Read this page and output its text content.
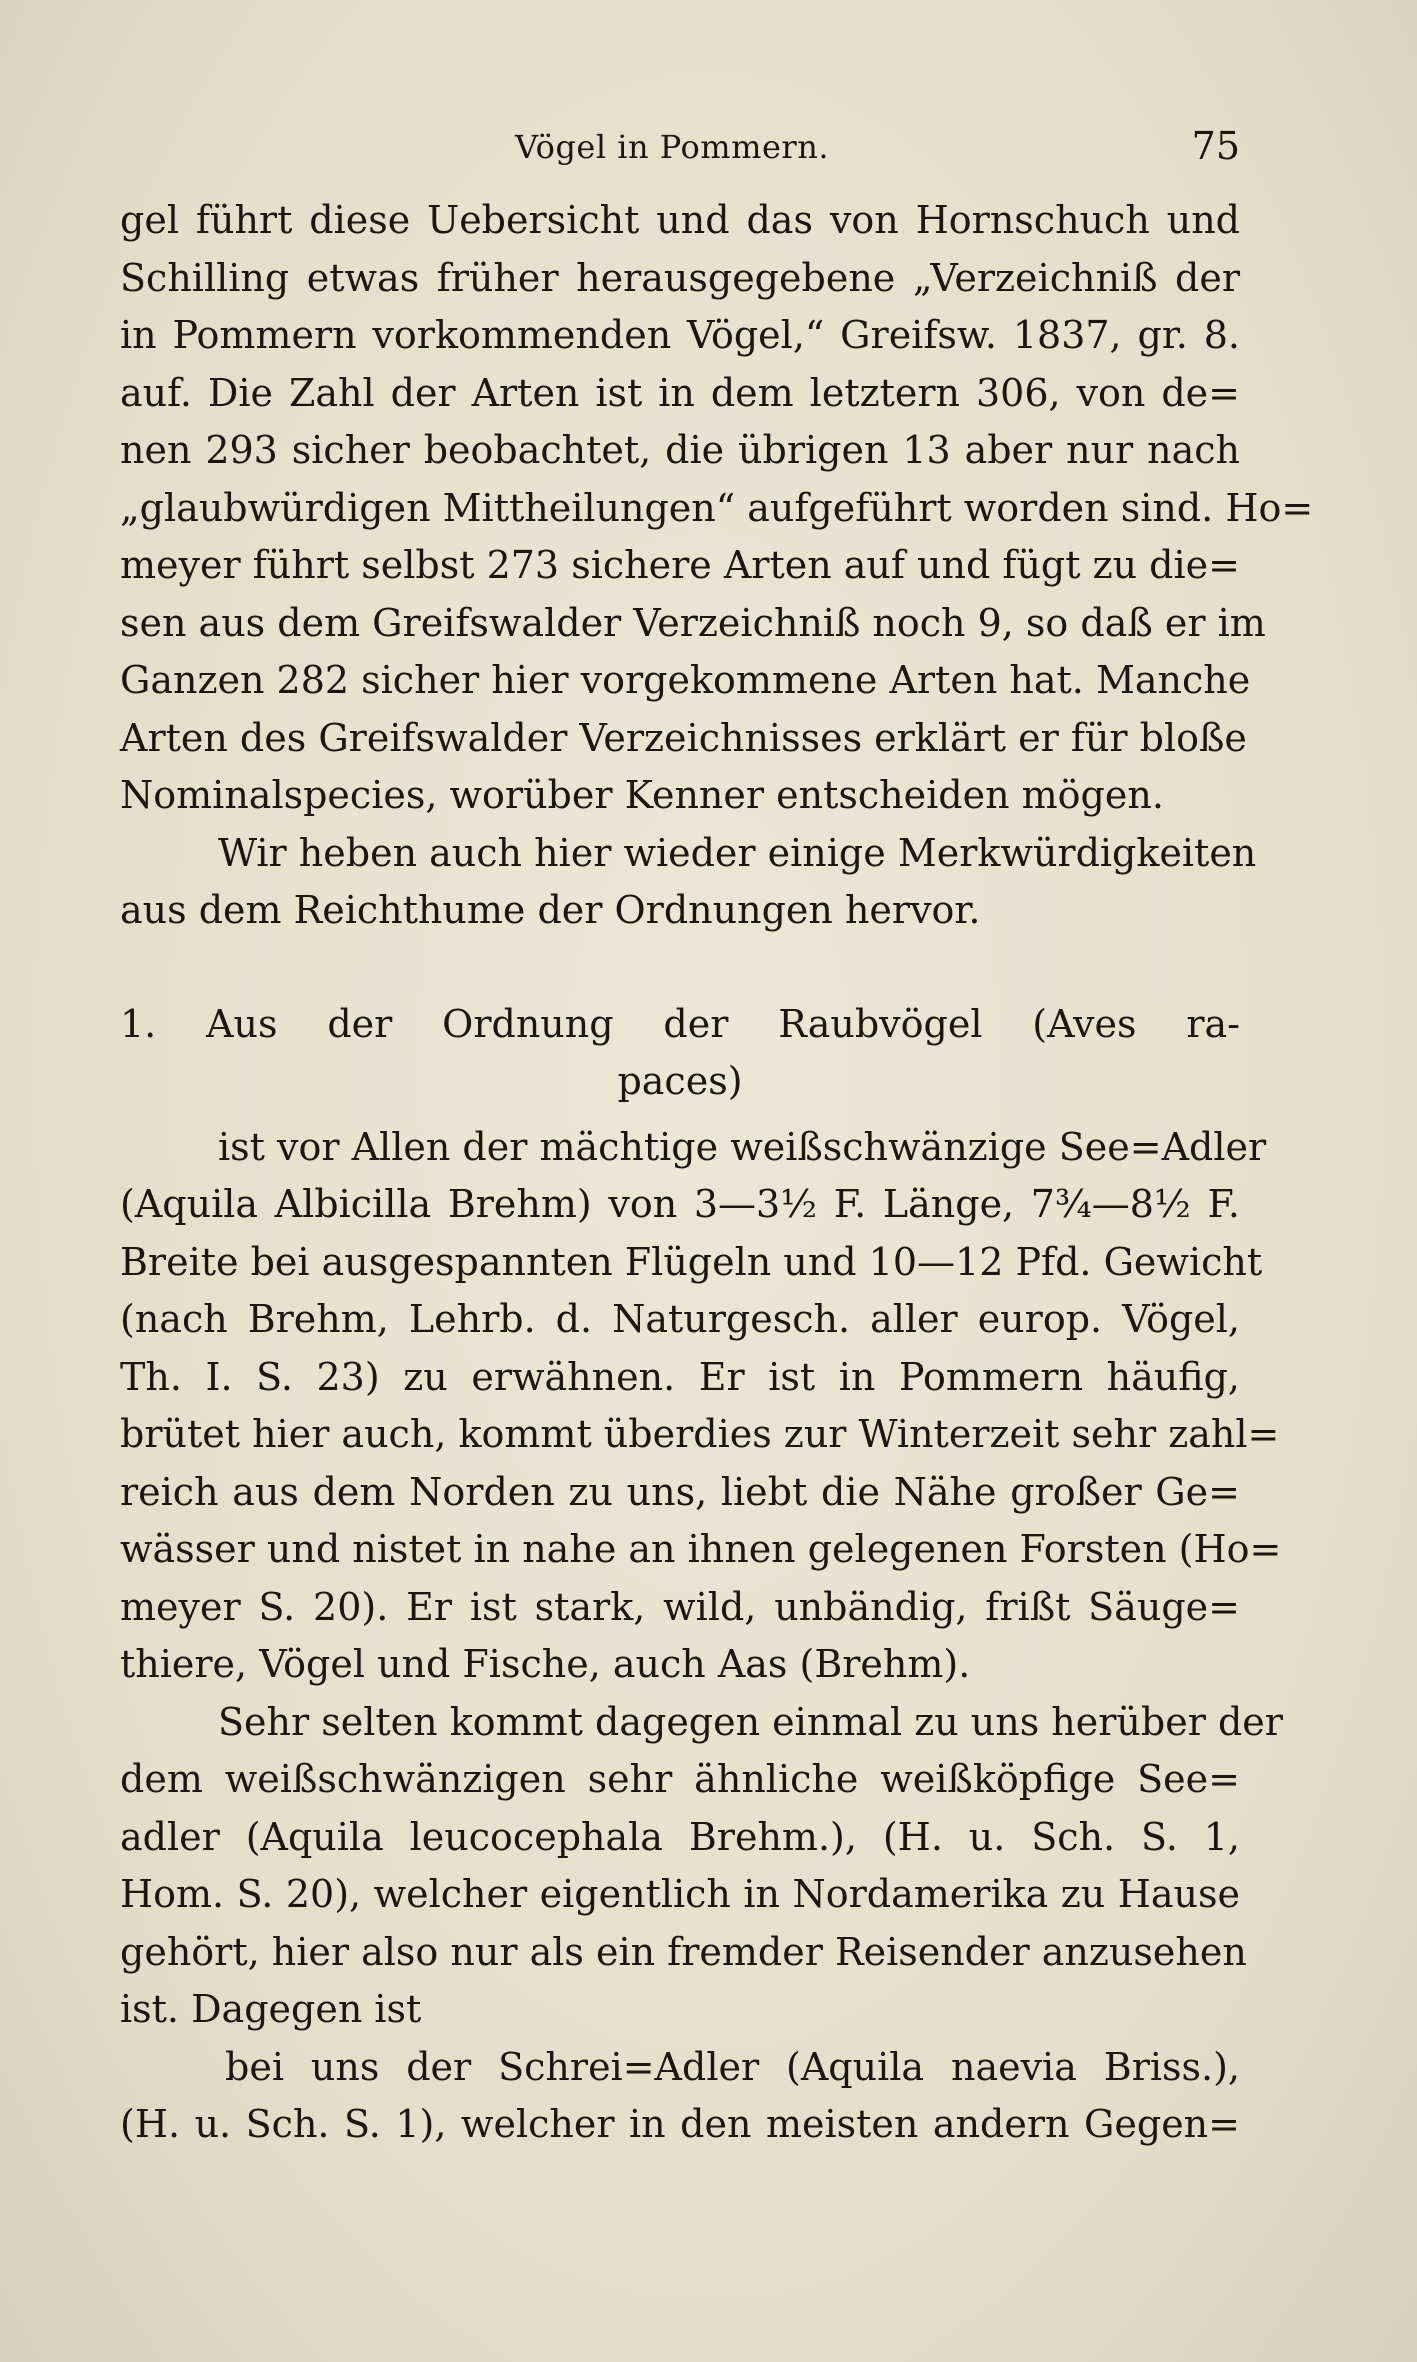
Vögel in Pommern.	75
gel führt diese Uebersicht und das von Hornschuch und
Schilling etwas früher herausgegebene „Verzeichniß der
in Pommern vorkommenden Vögel,“ Greifsw. 1837, gr. 8.
auf. Die Zahl der Arten ist in dem letztern 306, von de=
nen 293 sicher beobachtet, die übrigen 13 aber nur nach
„glaubwürdigen Mittheilungen“ aufgeführt worden sind. Ho=
meyer führt selbst 273 sichere Arten auf und fügt zu die=
sen aus dem Greifswalder Verzeichniß noch 9, so daß er im
Ganzen 282 sicher hier vorgekommene Arten hat. Manche
Arten des Greifswalder Verzeichnisses erklärt er für bloße
Nominalspecies, worüber Kenner entscheiden mögen.
Wir heben auch hier wieder einige Merkwürdigkeiten
aus dem Reichthume der Ordnungen hervor.
1. Aus der Ordnung der Raubvögel (Aves ra-
paces)
ist vor Allen der mächtige weißschwänzige See=Adler
(Aquila Albicilla Brehm) von 3—3½ F. Länge, 7¾—8½ F.
Breite bei ausgespannten Flügeln und 10—12 Pfd. Gewicht
(nach Brehm, Lehrb. d. Naturgesch. aller europ. Vögel,
Th. I. S. 23) zu erwähnen. Er ist in Pommern häufig,
brütet hier auch, kommt überdies zur Winterzeit sehr zahl=
reich aus dem Norden zu uns, liebt die Nähe großer Ge=
wässer und nistet in nahe an ihnen gelegenen Forsten (Ho=
meyer S. 20). Er ist stark, wild, unbändig, frißt Säuge=
thiere, Vögel und Fische, auch Aas (Brehm).
Sehr selten kommt dagegen einmal zu uns herüber der
dem weißschwänzigen sehr ähnliche weißköpfige See=
adler (Aquila leucocephala Brehm.), (H. u. Sch. S. 1,
Hom. S. 20), welcher eigentlich in Nordamerika zu Hause
gehört, hier also nur als ein fremder Reisender anzusehen
ist. Dagegen ist
bei uns der Schrei=Adler (Aquila naevia Briss.),
(H. u. Sch. S. 1), welcher in den meisten andern Gegen=
